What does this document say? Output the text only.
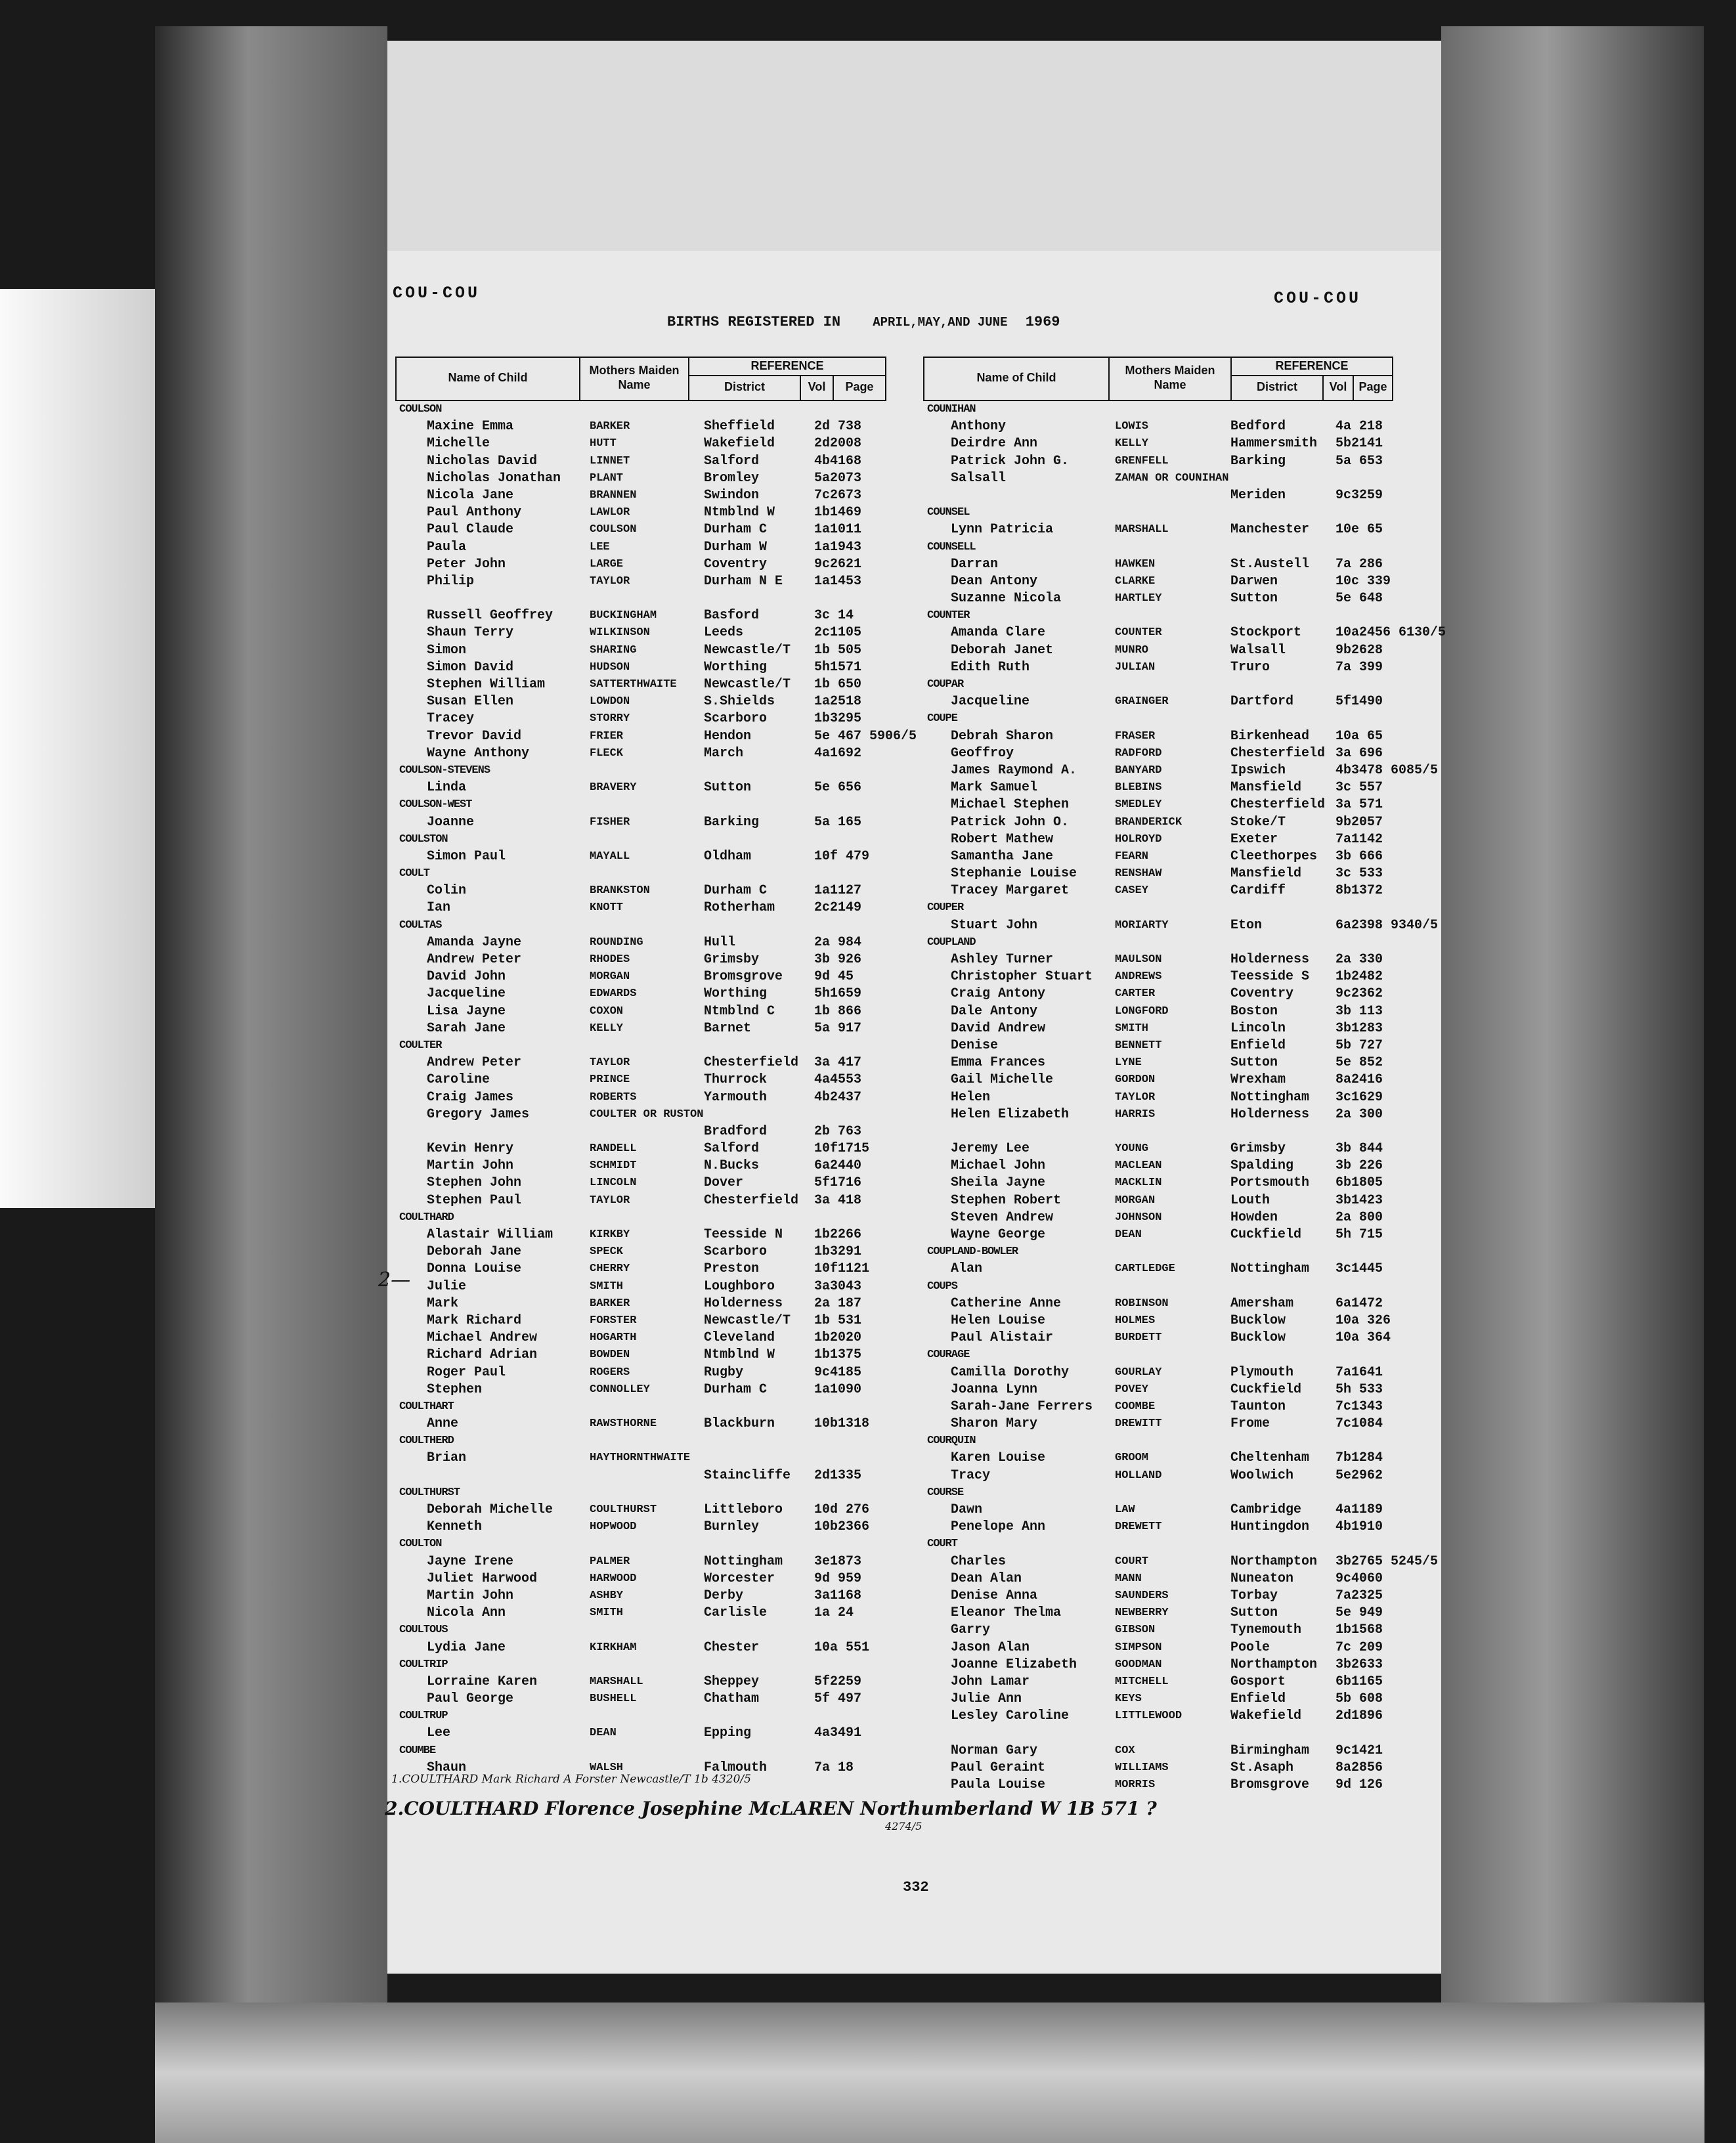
COU-COU	COU-COU
BIRTHS REGISTERED IN	APRIL,MAY,AND JUNE 1969
Name of Child
Mothers Maiden Name
REFERENCE
District	Vol	Page
COULSON
Maxine Emma	BARKER	Sheffield	2d 738
Michelle	HUTT	Wakefield	2d2008
Nicholas David	LINNET	Salford	4b4168
Nicholas Jonathan	PLANT	Bromley	5a2073
Nicola Jane	BRANNEN	Swindon	7c2673
Paul Anthony	LAWLOR	Ntmblnd W	1b1469
Paul Claude	COULSON	Durham C	1a1011
Paula	LEE	Durham W	1a1943
Peter John	LARGE	Coventry	9c2621
Philip	TAYLOR	Durham N E 1a1453
Russell Geoffrey	BUCKINGHAM	Basford	3c 14
Shaun Terry	WILKINSON	Leeds	2c1105
Simon	SHARING	Newcastle/T 1b 505
Simon David	HUDSON	Worthing	5h1571
Stephen William	SATTERTHWAITE Newcastle/T 1b 650
Susan Ellen	LOWDON	S.Shields	1a2518
Tracey	STORRY	Scarboro	1b3295
Trevor David	FRIER	Hendon	5e 467 5906/5
Wayne Anthony	FLECK	March	4a1692
COULSON-STEVENS
Linda	BRAVERY	Sutton	5e 656
COULSON-WEST
Joanne	FISHER	Barking	5a 165
COULSTON
Simon Paul	MAYALL	Oldham	10f 479
COULT
Colin	BRANKSTON	Durham C	1a1127
Ian	KNOTT	Rotherham	2c2149
COULTAS
Amanda Jayne	ROUNDING	Hull	2a 984
Andrew Peter	RHODES	Grimsby	3b 926
David John	MORGAN	Bromsgrove 9d 45
Jacqueline	EDWARDS	Worthing	5h1659
Lisa Jayne	COXON	Ntmblnd C	1b 866
Sarah Jane	KELLY	Barnet	5a 917
COULTER
Andrew Peter	TAYLOR	Chesterfield 3a 417
Caroline	PRINCE	Thurrock	4a4553
Craig James	ROBERTS	Yarmouth	4b2437
Gregory James	COULTER OR RUSTON
Bradford	2b 763
Kevin Henry	RANDELL	Salford	10f1715
Martin John	SCHMIDT	N.Bucks	6a2440
Stephen John	LINCOLN	Dover	5f1716
Stephen Paul	TAYLOR	Chesterfield 3a 418
COULTHARD
Alastair William	KIRKBY	Teesside N 1b2266
Deborah Jane	SPECK	Scarboro	1b3291
Donna Louise	CHERRY	Preston	10f1121
Julie	SMITH	Loughboro	3a3043
Mark	BARKER	Holderness 2a 187
Mark Richard	FORSTER	Newcastle/T 1b 531
Michael Andrew	HOGARTH	Cleveland	1b2020
Richard Adrian	BOWDEN	Ntmblnd W	1b1375
Roger Paul	ROGERS	Rugby	9c4185
Stephen	CONNOLLEY	Durham C	1a1090
COULTHART
Anne	RAWSTHORNE	Blackburn	10b1318
COULTHERD
Brian	HAYTHORNTHWAITE
Staincliffe 2d1335
COULTHURST
Deborah Michelle	COULTHURST	Littleboro 10d 276
Kenneth	HOPWOOD	Burnley	10b2366
COULTON
Jayne Irene	PALMER	Nottingham 3e1873
Juliet Harwood	HARWOOD	Worcester	9d 959
Martin John	ASHBY	Derby	3a1168
Nicola Ann	SMITH	Carlisle	1a 24
COULTOUS
Lydia Jane	KIRKHAM	Chester	10a 551
COULTRIP
Lorraine Karen	MARSHALL	Sheppey	5f2259
Paul George	BUSHELL	Chatham	5f 497
COULTRUP
Lee	DEAN	Epping	4a3491
COUMBE
Shaun	WALSH	Falmouth	7a 18
Name of Child
Mothers Maiden Name
REFERENCE
District	Vol	Page
COUNIHAN
Anthony	LOWIS	Bedford	4a 218
Deirdre Ann	KELLY	Hammersmith 5b2141
Patrick John G.	GRENFELL	Barking	5a 653
Salsall	ZAMAN OR COUNIHAN
Meriden	9c3259
COUNSEL
Lynn Patricia	MARSHALL	Manchester 10e 65
COUNSELL
Darran	HAWKEN	St.Austell 7a 286
Dean Antony	CLARKE	Darwen	10c 339
Suzanne Nicola	HARTLEY	Sutton	5e 648
COUNTER
Amanda Clare	COUNTER	Stockport	10a2456 6130/5
Deborah Janet	MUNRO	Walsall	9b2628
Edith Ruth	JULIAN	Truro	7a 399
COUPAR
Jacqueline	GRAINGER	Dartford	5f1490
COUPE
Debrah Sharon	FRASER	Birkenhead 10a 65
Geoffroy	RADFORD	Chesterfield 3a 696
James Raymond A.	BANYARD	Ipswich	4b3478 6085/5
Mark Samuel	BLEBINS	Mansfield	3c 557
Michael Stephen	SMEDLEY	Chesterfield 3a 571
Patrick John O.	BRANDERICK	Stoke/T	9b2057
Robert Mathew	HOLROYD	Exeter	7a1142
Samantha Jane	FEARN	Cleethorpes 3b 666
Stephanie Louise	RENSHAW	Mansfield	3c 533
Tracey Margaret	CASEY	Cardiff	8b1372
COUPER
Stuart John	MORIARTY	Eton	6a2398 9340/5
COUPLAND
Ashley Turner	MAULSON	Holderness 2a 330
Christopher Stuart ANDREWS	Teesside S 1b2482
Craig Antony	CARTER	Coventry	9c2362
Dale Antony	LONGFORD	Boston	3b 113
David Andrew	SMITH	Lincoln	3b1283
Denise	BENNETT	Enfield	5b 727
Emma Frances	LYNE	Sutton	5e 852
Gail Michelle	GORDON	Wrexham	8a2416
Helen	TAYLOR	Nottingham 3c1629
Helen Elizabeth	HARRIS	Holderness 2a 300
Jeremy Lee	YOUNG	Grimsby	3b 844
Michael John	MACLEAN	Spalding	3b 226
Sheila Jayne	MACKLIN	Portsmouth 6b1805
Stephen Robert	MORGAN	Louth	3b1423
Steven Andrew	JOHNSON	Howden	2a 800
Wayne George	DEAN	Cuckfield	5h 715
COUPLAND-BOWLER
Alan	CARTLEDGE	Nottingham 3c1445
COUPS
Catherine Anne	ROBINSON	Amersham	6a1472
Helen Louise	HOLMES	Bucklow	10a 326
Paul Alistair	BURDETT	Bucklow	10a 364
COURAGE
Camilla Dorothy	GOURLAY	Plymouth	7a1641
Joanna Lynn	POVEY	Cuckfield	5h 533
Sarah-Jane Ferrers COOMBE	Taunton	7c1343
Sharon Mary	DREWITT	Frome	7c1084
COURQUIN
Karen Louise	GROOM	Cheltenham 7b1284
Tracy	HOLLAND	Woolwich	5e2962
COURSE
Dawn	LAW	Cambridge	4a1189
Penelope Ann	DREWETT	Huntingdon 4b1910
COURT
Charles	COURT	Northampton 3b2765 5245/5
Dean Alan	MANN	Nuneaton	9c4060
Denise Anna	SAUNDERS	Torbay	7a2325
Eleanor Thelma	NEWBERRY	Sutton	5e 949
Garry	GIBSON	Tynemouth	1b1568
Jason Alan	SIMPSON	Poole	7c 209
Joanne Elizabeth	GOODMAN	Northampton 3b2633
John Lamar	MITCHELL	Gosport	6b1165
Julie Ann	KEYS	Enfield	5b 608
Lesley Caroline	LITTLEWOOD	Wakefield	2d1896
Norman Gary	COX	Birmingham 9c1421
Paul Geraint	WILLIAMS	St.Asaph	8a2856
Paula Louise	MORRIS	Bromsgrove 9d 126
2—
1.COULTHARD Mark Richard A Forster Newcastle/T 1b 4320/5
2.COULTHARD Florence Josephine McLAREN Northumberland W 1B 571 ?
4274/5
332
